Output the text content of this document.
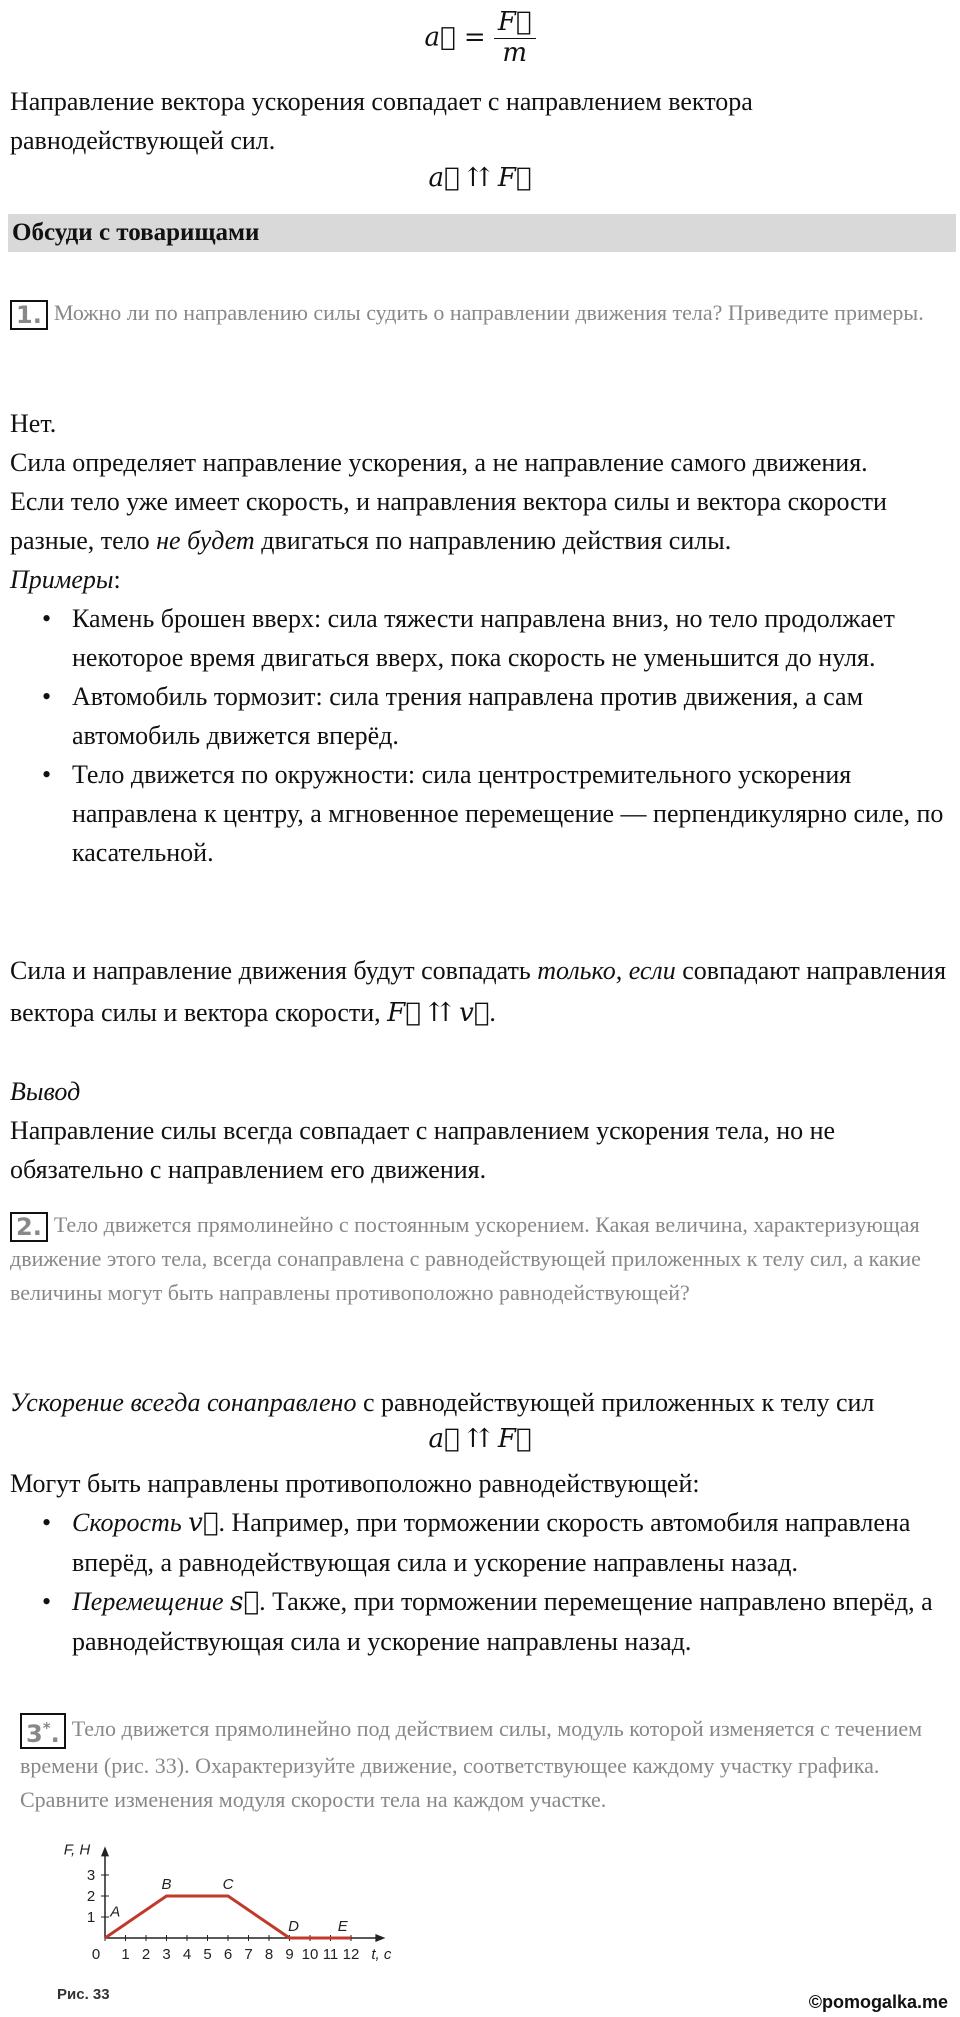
a⃗ = $\frac{F⃗}{m}$
Направление вектора ускорения совпадает с направлением вектора равнодействующей сил.
a⃗ ⇈ F⃗
Обсуди с товарищами
1. Можно ли по направлению силы судить о направлении движения тела? Приведите примеры.
Нет.
Сила определяет направление ускорения, а не направление самого движения.
Если тело уже имеет скорость, и направления вектора силы и вектора скорости разные, тело не будет двигаться по направлению действия силы.
Примеры:
• Камень брошен вверх: сила тяжести направлена вниз, но тело продолжает некоторое время двигаться вверх, пока скорость не уменьшится до нуля.
• Автомобиль тормозит: сила трения направлена против движения, а сам автомобиль движется вперёд.
• Тело движется по окружности: сила центростремительного ускорения направлена к центру, а мгновенное перемещение — перпендикулярно силе, по касательной.
Сила и направление движения будут совпадать только, если совпадают направления вектора силы и вектора скорости, F⃗ ⇈ v⃗.
Вывод
Направление силы всегда совпадает с направлением ускорения тела, но не обязательно с направлением его движения.
2. Тело движется прямолинейно с постоянным ускорением. Какая величина, характеризующая движение этого тела, всегда сонаправлена с равнодействующей приложенных к телу сил, а какие величины могут быть направлены противоположно равнодействующей?
Ускорение всегда сонаправлено с равнодействующей приложенных к телу сил
a⃗ ⇈ F⃗
Могут быть направлены противоположно равнодействующей:
• Скорость v⃗. Например, при торможении скорость автомобиля направлена вперёд, а равнодействующая сила и ускорение направлены назад.
• Перемещение s⃗. Также, при торможении перемещение направлено вперёд, а равнодействующая сила и ускорение направлены назад.
3*. Тело движется прямолинейно под действием силы, модуль которой изменяется с течением времени (рис. 33). Охарактеризуйте движение, соответствующее каждому участку графика. Сравните изменения модуля скорости тела на каждом участке.
0 1 2 3 4 5 6 7 8 9 10 11 12
1
2
3
F, Н
t, с
A
B	C
D	E
Рис. 33	©pomogalka.me
